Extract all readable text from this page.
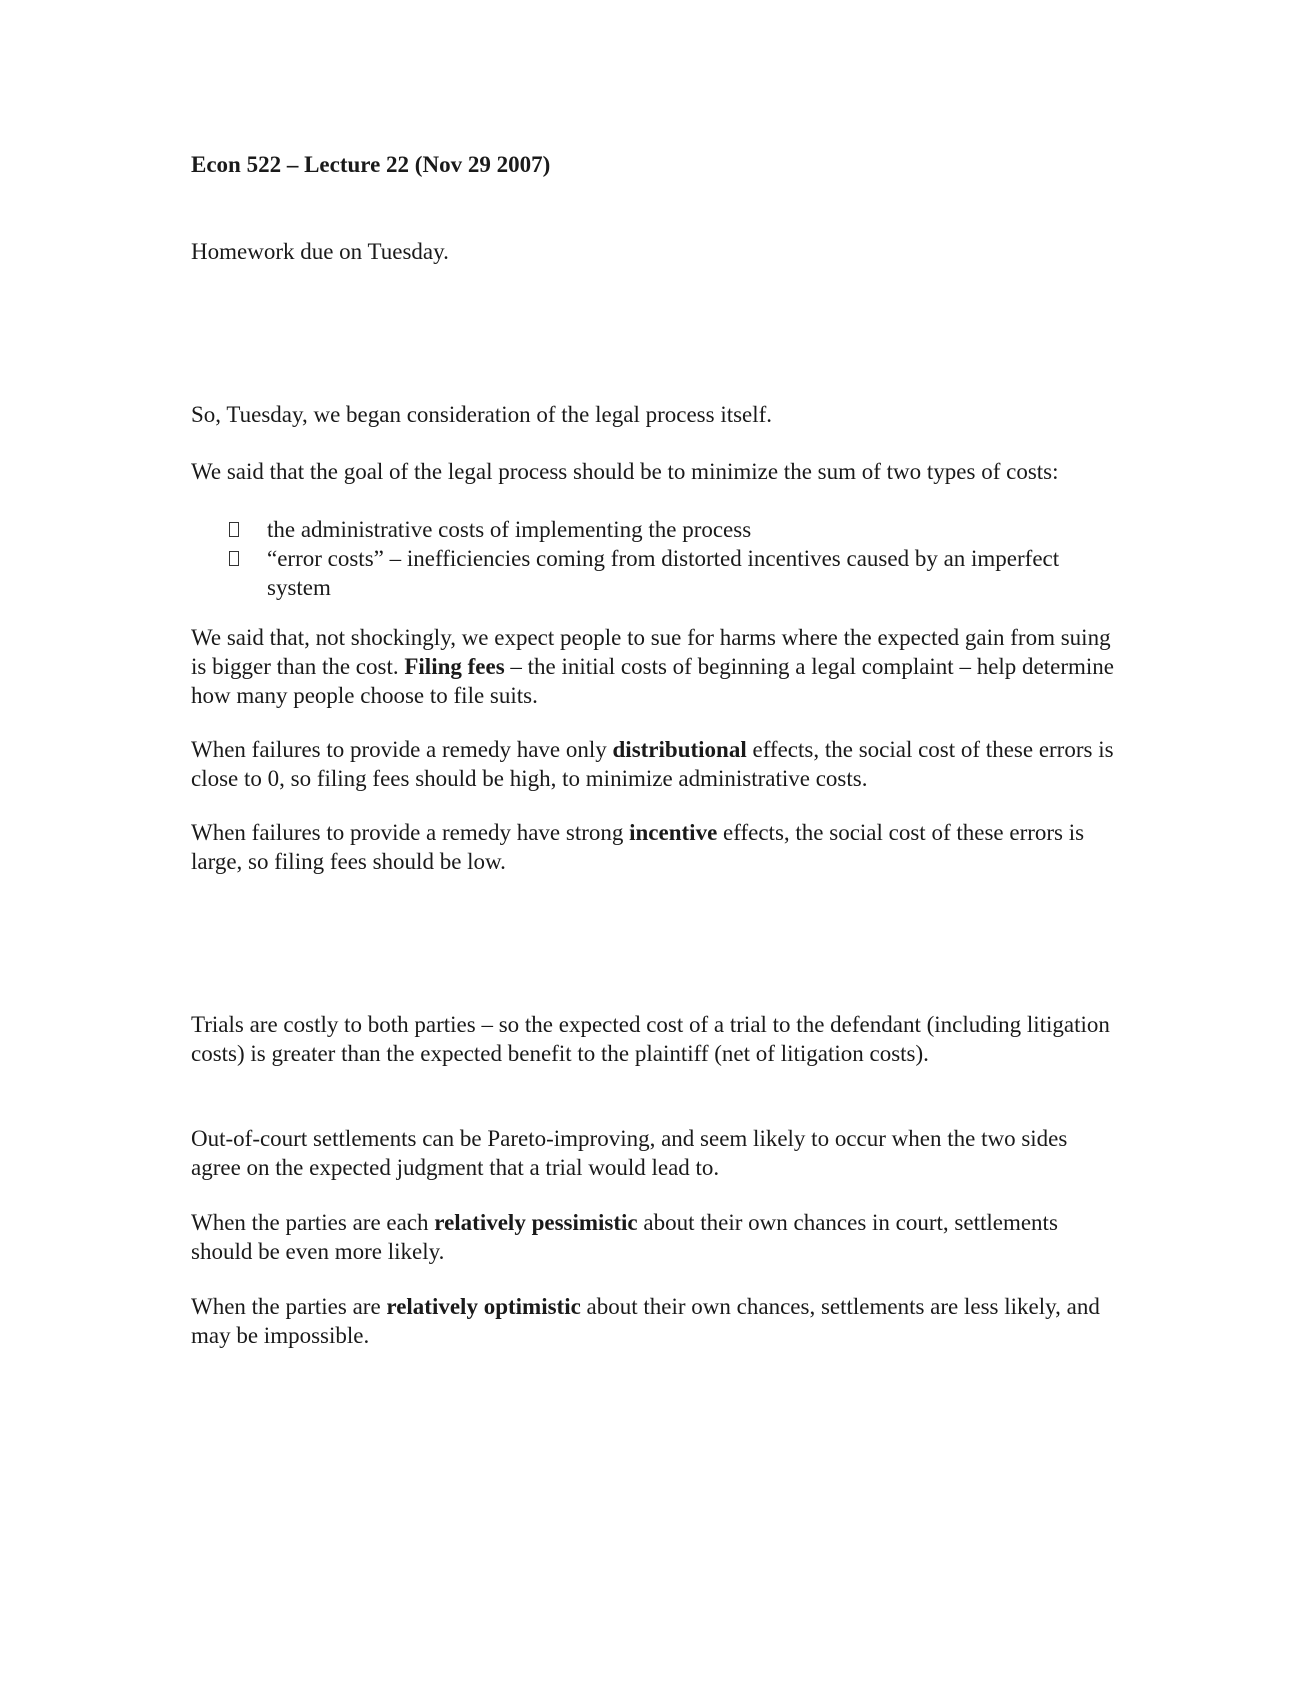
Econ 522 – Lecture 22 (Nov 29 2007)

Homework due on Tuesday.

So, Tuesday, we began consideration of the legal process itself.

We said that the goal of the legal process should be to minimize the sum of two types of costs:

the administrative costs of implementing the process
“error costs” – inefficiencies coming from distorted incentives caused by an imperfect system

We said that, not shockingly, we expect people to sue for harms where the expected gain from suing is bigger than the cost. Filing fees – the initial costs of beginning a legal complaint – help determine how many people choose to file suits.

When failures to provide a remedy have only distributional effects, the social cost of these errors is close to 0, so filing fees should be high, to minimize administrative costs.

When failures to provide a remedy have strong incentive effects, the social cost of these errors is large, so filing fees should be low.

Trials are costly to both parties – so the expected cost of a trial to the defendant (including litigation costs) is greater than the expected benefit to the plaintiff (net of litigation costs).

Out-of-court settlements can be Pareto-improving, and seem likely to occur when the two sides agree on the expected judgment that a trial would lead to.

When the parties are each relatively pessimistic about their own chances in court, settlements should be even more likely.

When the parties are relatively optimistic about their own chances, settlements are less likely, and may be impossible.
